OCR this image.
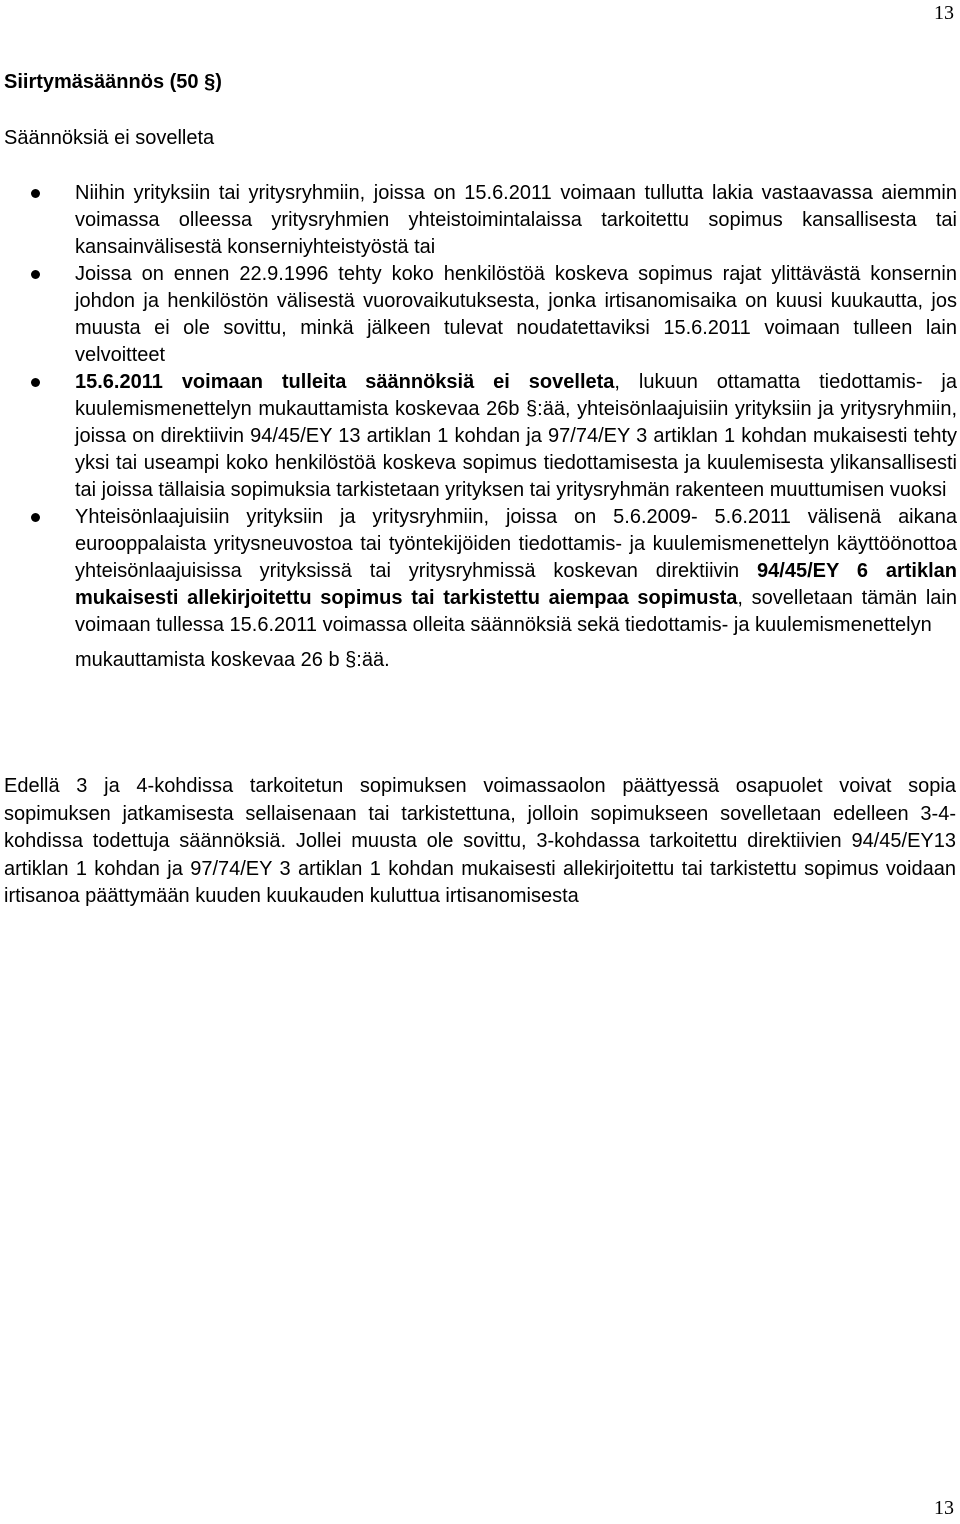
13
Siirtymäsäännös (50 §)

Säännöksiä ei sovelleta

Niihin yrityksiin tai yritysryhmiin, joissa on 15.6.2011 voimaan tullutta lakia vastaavassa aiemmin voimassa olleessa yritysryhmien yhteistoimintalaissa tarkoitettu sopimus kansallisesta tai kansainvälisestä konserniyhteistyöstä tai
Joissa on ennen 22.9.1996 tehty koko henkilöstöä koskeva sopimus rajat ylittävästä konsernin johdon ja henkilöstön välisestä vuorovaikutuksesta, jonka irtisanomisaika on kuusi kuukautta, jos muusta ei ole sovittu, minkä jälkeen tulevat noudatettaviksi 15.6.2011 voimaan tulleen lain velvoitteet
15.6.2011 voimaan tulleita säännöksiä ei sovelleta, lukuun ottamatta tiedottamis- ja kuulemismenettelyn mukauttamista koskevaa 26b §:ää, yhteisönlaajuisiin yrityksiin ja yritysryhmiin, joissa on direktiivin 94/45/EY 13 artiklan 1 kohdan ja 97/74/EY 3 artiklan 1 kohdan mukaisesti tehty yksi tai useampi koko henkilöstöä koskeva sopimus tiedottamisesta ja kuulemisesta ylikansallisesti tai joissa tällaisia sopimuksia tarkistetaan yrityksen tai yritysryhmän rakenteen muuttumisen vuoksi
Yhteisönlaajuisiin yrityksiin ja yritysryhmiin, joissa on 5.6.2009- 5.6.2011 välisenä aikana eurooppalaista yritysneuvostoa tai työntekijöiden tiedottamis- ja kuulemismenettelyn käyttöönottoa yhteisönlaajuisissa yrityksissä tai yritysryhmissä koskevan direktiivin 94/45/EY 6 artiklan mukaisesti allekirjoitettu sopimus tai tarkistettu aiempaa sopimusta, sovelletaan tämän lain voimaan tullessa 15.6.2011 voimassa olleita säännöksiä sekä tiedottamis- ja kuulemismenettelyn
mukauttamista koskevaa 26 b §:ää.

Edellä 3 ja 4-kohdissa tarkoitetun sopimuksen voimassaolon päättyessä osapuolet voivat sopia sopimuksen jatkamisesta sellaisenaan tai tarkistettuna, jolloin sopimukseen sovelletaan edelleen 3-4-kohdissa todettuja säännöksiä. Jollei muusta ole sovittu, 3-kohdassa tarkoitettu direktiivien 94/45/EY13 artiklan 1 kohdan ja 97/74/EY 3 artiklan 1 kohdan mukaisesti allekirjoitettu tai tarkistettu sopimus voidaan irtisanoa päättymään kuuden kuukauden kuluttua irtisanomisesta

13
